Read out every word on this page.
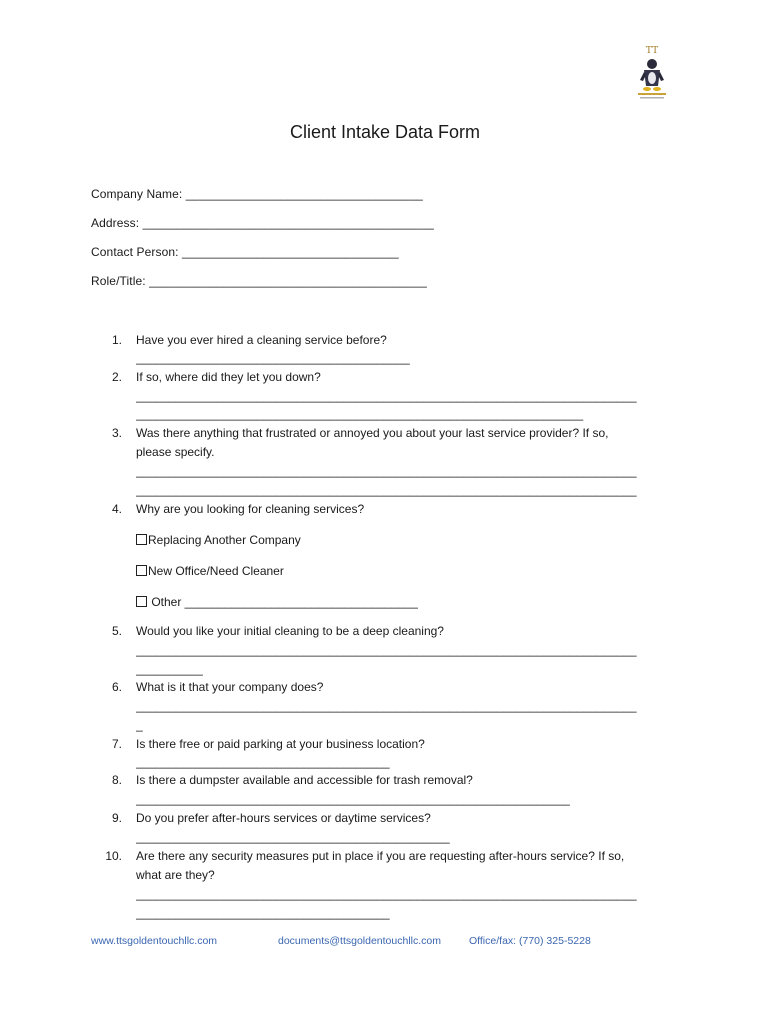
TT
Client Intake Data Form
Company Name: ___________________________________
Address: ___________________________________________
Contact Person: ________________________________
Role/Title: _________________________________________
1. Have you ever hired a cleaning service before?
_________________________________________
2. If so, where did they let you down?
___________________________________________________________________________
___________________________________________________________________
3. Was there anything that frustrated or annoyed you about your last service provider? If so,
please specify.
___________________________________________________________________________
___________________________________________________________________________
4. Why are you looking for cleaning services?
Replacing Another Company
New Office/Need Cleaner
Other ___________________________________
5. Would you like your initial cleaning to be a deep cleaning?
___________________________________________________________________________
__________
6. What is it that your company does?
___________________________________________________________________________
_
7. Is there free or paid parking at your business location?
______________________________________
8. Is there a dumpster available and accessible for trash removal?
_________________________________________________________________
9. Do you prefer after-hours services or daytime services?
_______________________________________________
10. Are there any security measures put in place if you are requesting after-hours service? If so,
what are they?
___________________________________________________________________________
______________________________________
www.ttsgoldentouchllc.com	documents@ttsgoldentouchllc.com	Office/fax: (770) 325-5228
